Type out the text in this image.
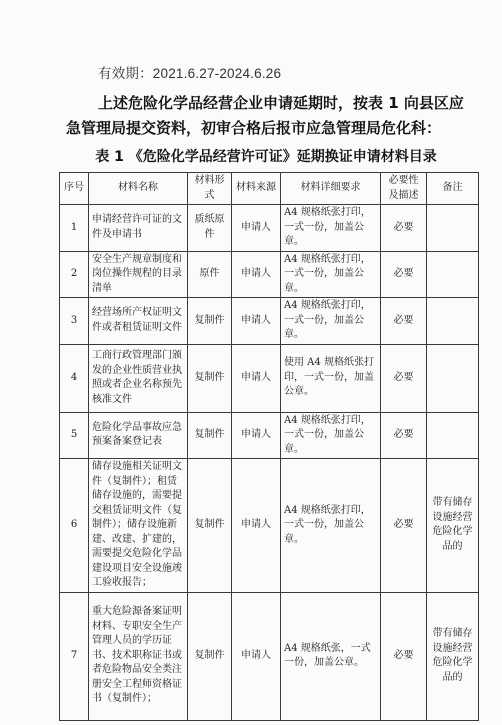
有效期：2021.6.27-2024.6.26
上述危险化学品经营企业申请延期时，按表 1 向县区应
急管理局提交资料，初审合格后报市应急管理局危化科：
表 1 《危险化学品经营许可证》延期换证申请材料目录
序号	材料名称	材料形式	材料来源	材料详细要求	必要性及描述	备注
1	申请经营许可证的文件及申请书	质纸原件	申请人	A4 规格纸张打印，一式一份，加盖公章。	必要	
2	安全生产规章制度和岗位操作规程的目录清单	原件	申请人	A4 规格纸张打印，一式一份，加盖公章。	必要	
3	经营场所产权证明文件或者租赁证明文件	复制件	申请人	A4 规格纸张打印，一式一份，加盖公章。	必要	
4	工商行政管理部门颁发的企业性质营业执照或者企业名称预先核准文件	复制件	申请人	使用 A4 规格纸张打印，一式一份，加盖公章。	必要	
5	危险化学品事故应急预案备案登记表	复制件	申请人	A4 规格纸张打印，一式一份，加盖公章。	必要	
6	储存设施相关证明文件（复制件）；租赁储存设施的，需要提交租赁证明文件（复制件）；储存设施新建、改建、扩建的，需要提交危险化学品建设项目安全设施竣工验收报告；	复制件	申请人	A4 规格纸张打印，一式一份，加盖公章。	必要	带有储存设施经营危险化学品的
7	重大危险源备案证明材料、专职安全生产管理人员的学历证书、技术职称证书或者危险物品安全类注册安全工程师资格证书（复制件）；	复制件	申请人	A4 规格纸张，一式一份，加盖公章。	必要	带有储存设施经营危险化学品的
